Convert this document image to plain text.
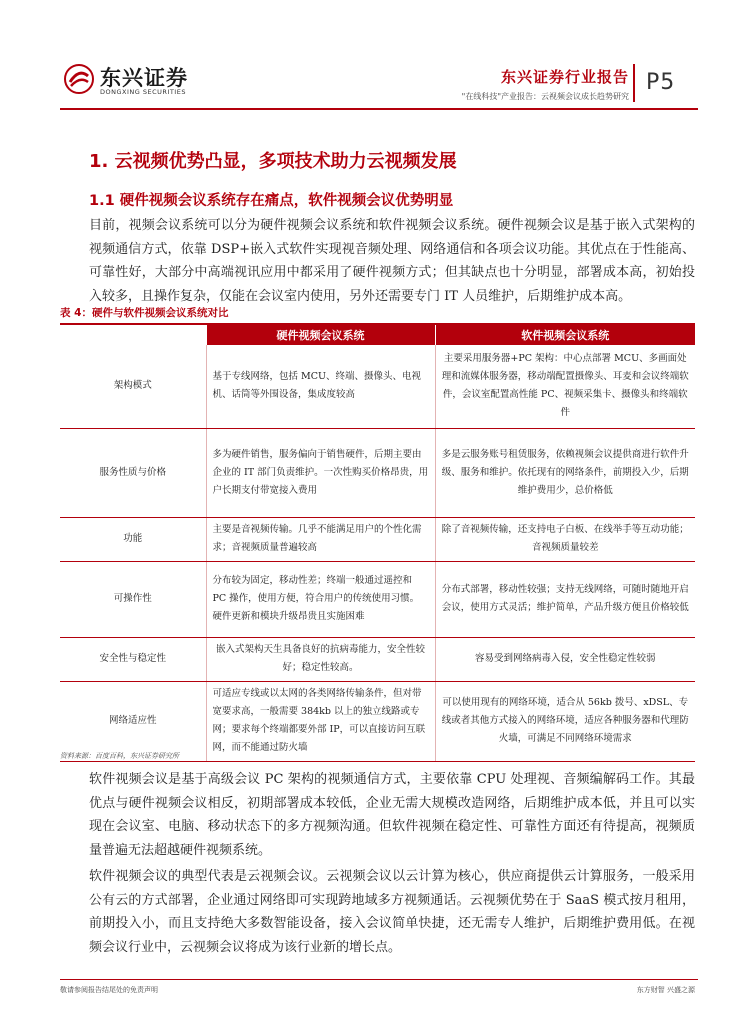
东兴证券
DONGXING SECURITIES
东兴证券行业报告
"在线科技"产业报告：云视频会议成长趋势研究
P5
1. 云视频优势凸显，多项技术助力云视频发展
1.1 硬件视频会议系统存在痛点，软件视频会议优势明显

目前，视频会议系统可以分为硬件视频会议系统和软件视频会议系统。硬件视频会议是基于嵌入式架构的视频通信方式，依靠 DSP+嵌入式软件实现视音频处理、网络通信和各项会议功能。其优点在于性能高、可靠性好，大部分中高端视讯应用中都采用了硬件视频方式；但其缺点也十分明显，部署成本高，初始投入较多，且操作复杂，仅能在会议室内使用，另外还需要专门 IT 人员维护，后期维护成本高。

表 4：硬件与软件视频会议系统对比
	硬件视频会议系统	软件视频会议系统
架构模式	基于专线网络，包括 MCU、终端、摄像头、电视机、话筒等外围设备，集成度较高	主要采用服务器+PC 架构：中心点部署 MCU、多画面处理和流媒体服务器，移动端配置摄像头、耳麦和会议终端软件，会议室配置高性能 PC、视频采集卡、摄像头和终端软件
服务性质与价格	多为硬件销售，服务偏向于销售硬件，后期主要由企业的 IT 部门负责维护。一次性购买价格昂贵，用户长期支付带宽接入费用	多是云服务账号租赁服务，依赖视频会议提供商进行软件升级、服务和维护。依托现有的网络条件，前期投入少，后期维护费用少，总价格低
功能	主要是音视频传输。几乎不能满足用户的个性化需求；音视频质量普遍较高	除了音视频传输，还支持电子白板、在线举手等互动功能；音视频质量较差
可操作性	分布较为固定，移动性差；终端一般通过遥控和 PC 操作，使用方便，符合用户的传统使用习惯。硬件更新和模块升级昂贵且实施困难	分布式部署，移动性较强；支持无线网络，可随时随地开启会议，使用方式灵活；维护简单，产品升级方便且价格较低
安全性与稳定性	嵌入式架构天生具备良好的抗病毒能力，安全性较好；稳定性较高。	容易受到网络病毒入侵，安全性稳定性较弱
网络适应性	可适应专线或以太网的各类网络传输条件，但对带宽要求高，一般需要 384kb 以上的独立线路或专网；要求每个终端都要外部 IP，可以直接访问互联网，而不能通过防火墙	可以使用现有的网络环境，适合从 56kb 拨号、xDSL、专线或者其他方式接入的网络环境，适应各种服务器和代理防火墙，可满足不同网络环境需求
资料来源：百度百科，东兴证券研究所

软件视频会议是基于高级会议 PC 架构的视频通信方式，主要依靠 CPU 处理视、音频编解码工作。其最优点与硬件视频会议相反，初期部署成本较低，企业无需大规模改造网络，后期维护成本低，并且可以实现在会议室、电脑、移动状态下的多方视频沟通。但软件视频在稳定性、可靠性方面还有待提高，视频质量普遍无法超越硬件视频系统。

软件视频会议的典型代表是云视频会议。云视频会议以云计算为核心，供应商提供云计算服务，一般采用公有云的方式部署，企业通过网络即可实现跨地域多方视频通话。云视频优势在于 SaaS 模式按月租用，前期投入小，而且支持绝大多数智能设备，接入会议简单快捷，还无需专人维护，后期维护费用低。在视频会议行业中，云视频会议将成为该行业新的增长点。

敬请参阅报告结尾处的免责声明	东方财智 兴盛之源
